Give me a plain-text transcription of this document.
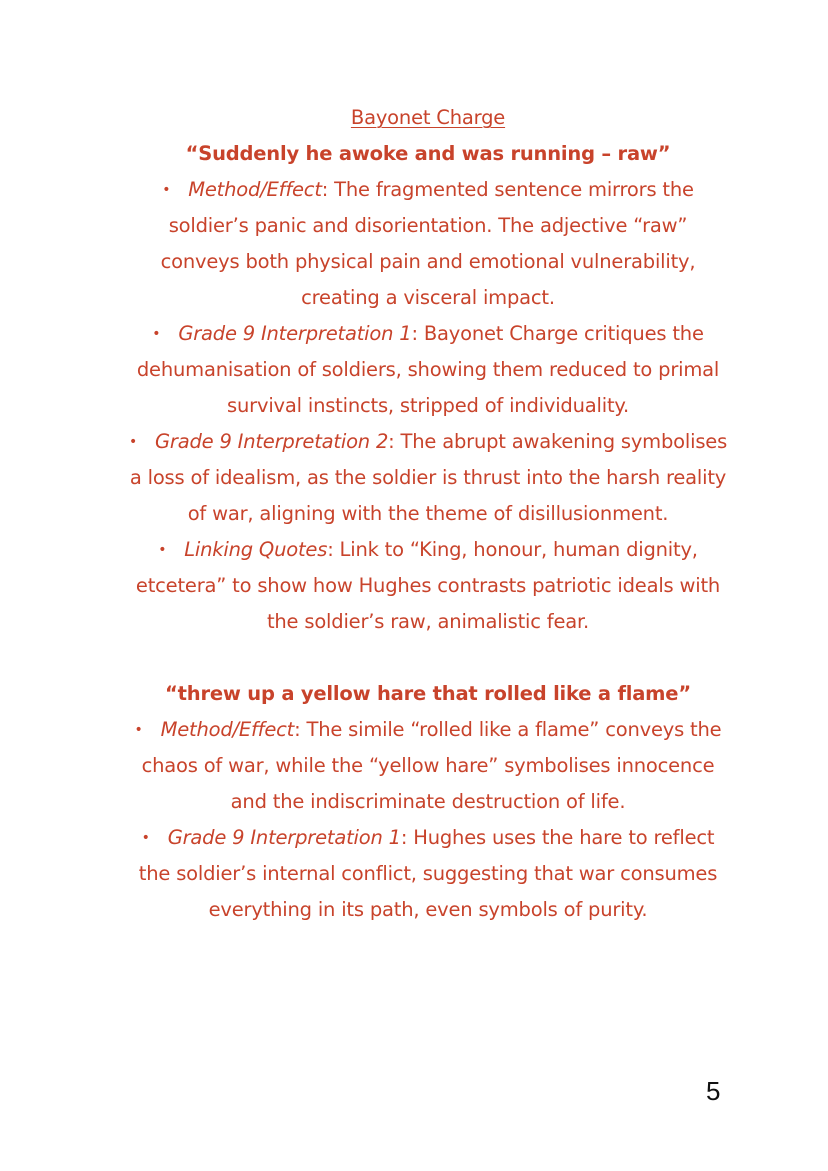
Bayonet Charge

“Suddenly he awoke and was running – raw”

• Method/Effect: The fragmented sentence mirrors the soldier’s panic and disorientation. The adjective “raw” conveys both physical pain and emotional vulnerability, creating a visceral impact.

• Grade 9 Interpretation 1: Bayonet Charge critiques the dehumanisation of soldiers, showing them reduced to primal survival instincts, stripped of individuality.

• Grade 9 Interpretation 2: The abrupt awakening symbolises a loss of idealism, as the soldier is thrust into the harsh reality of war, aligning with the theme of disillusionment.

• Linking Quotes: Link to “King, honour, human dignity, etcetera” to show how Hughes contrasts patriotic ideals with the soldier’s raw, animalistic fear.

“threw up a yellow hare that rolled like a flame”

• Method/Effect: The simile “rolled like a flame” conveys the chaos of war, while the “yellow hare” symbolises innocence and the indiscriminate destruction of life.

• Grade 9 Interpretation 1: Hughes uses the hare to reflect the soldier’s internal conflict, suggesting that war consumes everything in its path, even symbols of purity.

5
